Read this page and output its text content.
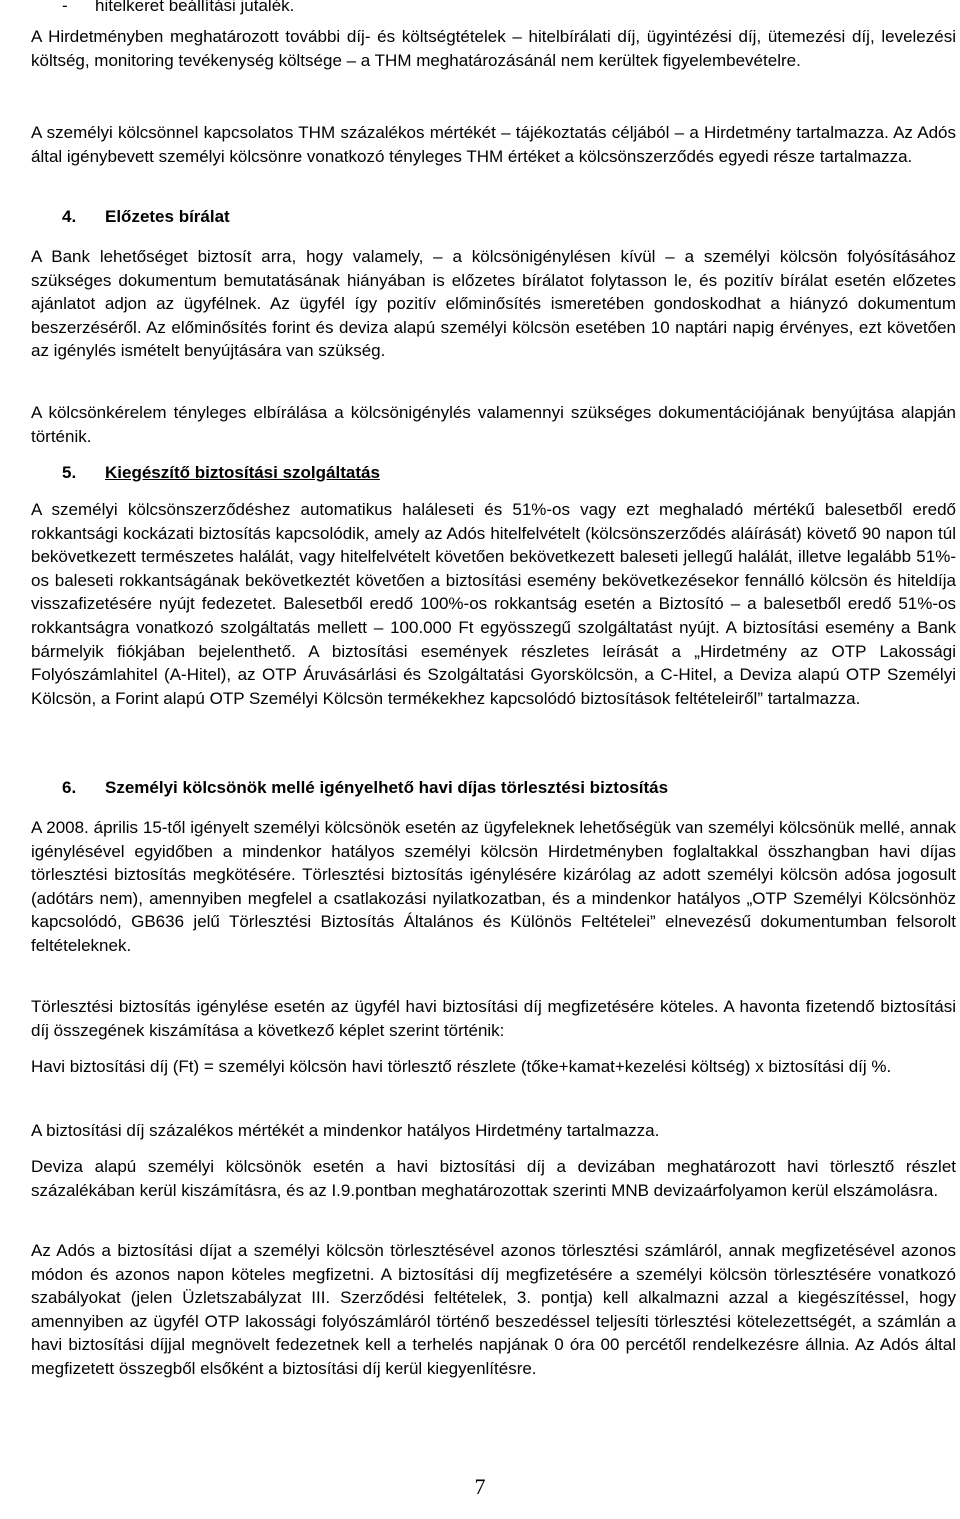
- hitelkeret beállítási jutalék.

A Hirdetményben meghatározott további díj- és költségtételek – hitelbírálati díj, ügyintézési díj, ütemezési díj, levelezési költség, monitoring tevékenység költsége – a THM meghatározásánál nem kerültek figyelembevételre.

A személyi kölcsönnel kapcsolatos THM százalékos mértékét – tájékoztatás céljából – a Hirdetmény tartalmazza. Az Adós által igénybevett személyi kölcsönre vonatkozó tényleges THM értéket a kölcsönszerződés egyedi része tartalmazza.

4. Előzetes bírálat

A Bank lehetőséget biztosít arra, hogy valamely, – a kölcsönigénylésen kívül – a személyi kölcsön folyósításához szükséges dokumentum bemutatásának hiányában is előzetes bírálatot folytasson le, és pozitív bírálat esetén előzetes ajánlatot adjon az ügyfélnek. Az ügyfél így pozitív előminősítés ismeretében gondoskodhat a hiányzó dokumentum beszerzéséről. Az előminősítés forint és deviza alapú személyi kölcsön esetében 10 naptári napig érvényes, ezt követően az igénylés ismételt benyújtására van szükség.

A kölcsönkérelem tényleges elbírálása a kölcsönigénylés valamennyi szükséges dokumentációjának benyújtása alapján történik.

5. Kiegészítő biztosítási szolgáltatás

A személyi kölcsönszerződéshez automatikus haláleseti és 51%-os vagy ezt meghaladó mértékű balesetből eredő rokkantsági kockázati biztosítás kapcsolódik, amely az Adós hitelfelvételt (kölcsönszerződés aláírását) követő 90 napon túl bekövetkezett természetes halálát, vagy hitelfelvételt követően bekövetkezett baleseti jellegű halálát, illetve legalább 51%-os baleseti rokkantságának bekövetkeztét követően a biztosítási esemény bekövetkezésekor fennálló kölcsön és hiteldíja visszafizetésére nyújt fedezetet. Balesetből eredő 100%-os rokkantság esetén a Biztosító – a balesetből eredő 51%-os rokkantságra vonatkozó szolgáltatás mellett – 100.000 Ft egyösszegű szolgáltatást nyújt. A biztosítási esemény a Bank bármelyik fiókjában bejelenthető. A biztosítási események részletes leírását a „Hirdetmény az OTP Lakossági Folyószámlahitel (A-Hitel), az OTP Áruvásárlási és Szolgáltatási Gyorskölcsön, a C-Hitel, a Deviza alapú OTP Személyi Kölcsön, a Forint alapú OTP Személyi Kölcsön termékekhez kapcsolódó biztosítások feltételeiről” tartalmazza.

6. Személyi kölcsönök mellé igényelhető havi díjas törlesztési biztosítás

A 2008. április 15-től igényelt személyi kölcsönök esetén az ügyfeleknek lehetőségük van személyi kölcsönük mellé, annak igénylésével egyidőben a mindenkor hatályos személyi kölcsön Hirdetményben foglaltakkal összhangban havi díjas törlesztési biztosítás megkötésére. Törlesztési biztosítás igénylésére kizárólag az adott személyi kölcsön adósa jogosult (adótárs nem), amennyiben megfelel a csatlakozási nyilatkozatban, és a mindenkor hatályos „OTP Személyi Kölcsönhöz kapcsolódó, GB636 jelű Törlesztési Biztosítás Általános és Különös Feltételei” elnevezésű dokumentumban felsorolt feltételeknek.

Törlesztési biztosítás igénylése esetén az ügyfél havi biztosítási díj megfizetésére köteles. A havonta fizetendő biztosítási díj összegének kiszámítása a következő képlet szerint történik:

Havi biztosítási díj (Ft) = személyi kölcsön havi törlesztő részlete (tőke+kamat+kezelési költség) x biztosítási díj %.

A biztosítási díj százalékos mértékét a mindenkor hatályos Hirdetmény tartalmazza.

Deviza alapú személyi kölcsönök esetén a havi biztosítási díj a devizában meghatározott havi törlesztő részlet százalékában kerül kiszámításra, és az I.9.pontban meghatározottak szerinti MNB devizaárfolyamon kerül elszámolásra.

Az Adós a biztosítási díjat a személyi kölcsön törlesztésével azonos törlesztési számláról, annak megfizetésével azonos módon és azonos napon köteles megfizetni. A biztosítási díj megfizetésére a személyi kölcsön törlesztésére vonatkozó szabályokat (jelen Üzletszabályzat III. Szerződési feltételek, 3. pontja) kell alkalmazni azzal a kiegészítéssel, hogy amennyiben az ügyfél OTP lakossági folyószámláról történő beszedéssel teljesíti törlesztési kötelezettségét, a számlán a havi biztosítási díjjal megnövelt fedezetnek kell a terhelés napjának 0 óra 00 percétől rendelkezésre állnia. Az Adós által megfizetett összegből elsőként a biztosítási díj kerül kiegyenlítésre.

7
